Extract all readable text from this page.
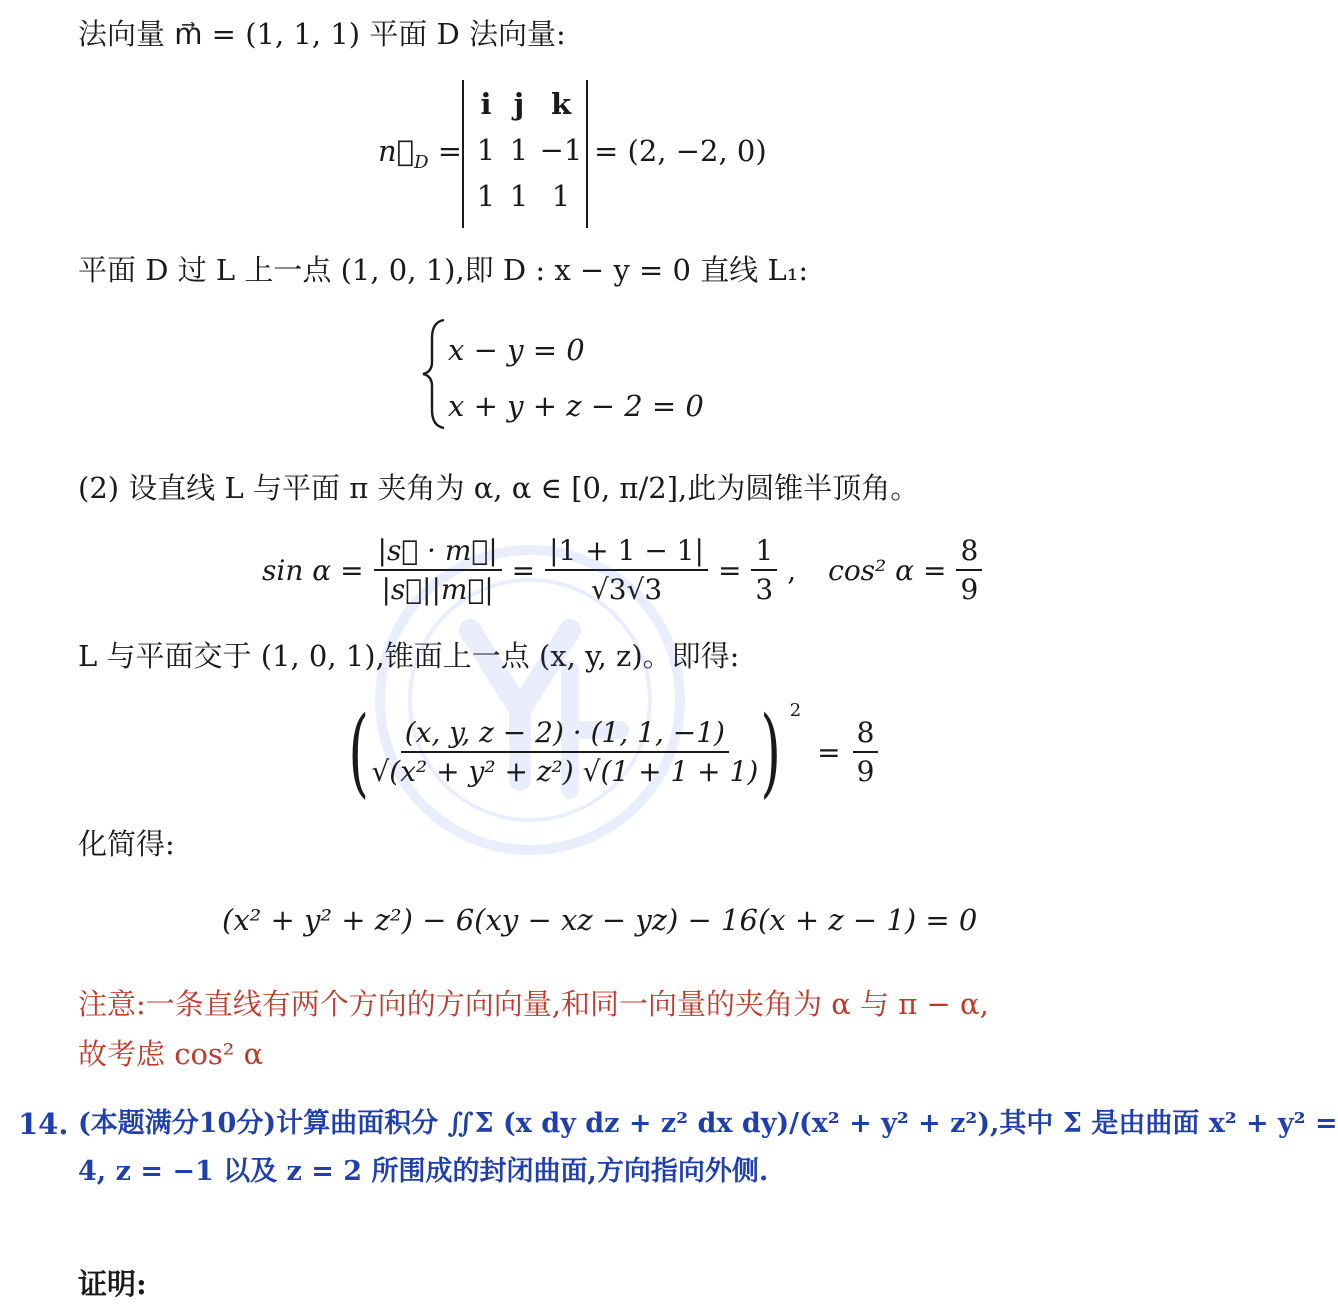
法向量 m⃗ = (1, 1, 1) 平面 D 法向量:
$n⃗_D$ =
i j k
1 1 −1
1 1 1
= (2, −2, 0)
平面 D 过 L 上一点 (1, 0, 1),即 D : x − y = 0 直线 L₁:
x − y = 0
x + y + z − 2 = 0
(2) 设直线 L 与平面 π 夹角为 α, α ∈ [0, π/2],此为圆锥半顶角。
$\sin \alpha = \frac{|s⃗ \cdot m⃗|}{|s⃗||m⃗|} = \frac{|1 + 1 - 1|}{√3√3} = \frac{1}{3}$ , cos² $\alpha = \frac{8}{9}$
L 与平面交于 (1, 0, 1),锥面上一点 (x, y, z)。即得:
(
$\frac{(x, y, z - 2) \cdot (1, 1, -1)}{\text{√(x² + y² + z²) √(1 + 1 + 1)}}$
) 2
= $\frac{8}{9}$
化简得:
(x² + y² + z²) − 6(xy − xz − yz) − 16(x + z − 1) = 0
注意:一条直线有两个方向的方向向量,和同一向量的夹角为 α 与 π − α,
故考虑 cos² α
14. (本题满分10分)计算曲面积分 ∬Σ (x dy dz + z² dx dy)/(x² + y² + z²),其中 Σ 是由曲面 x² + y² =
4, z = −1 以及 z = 2 所围成的封闭曲面,方向指向外侧.
证明:
